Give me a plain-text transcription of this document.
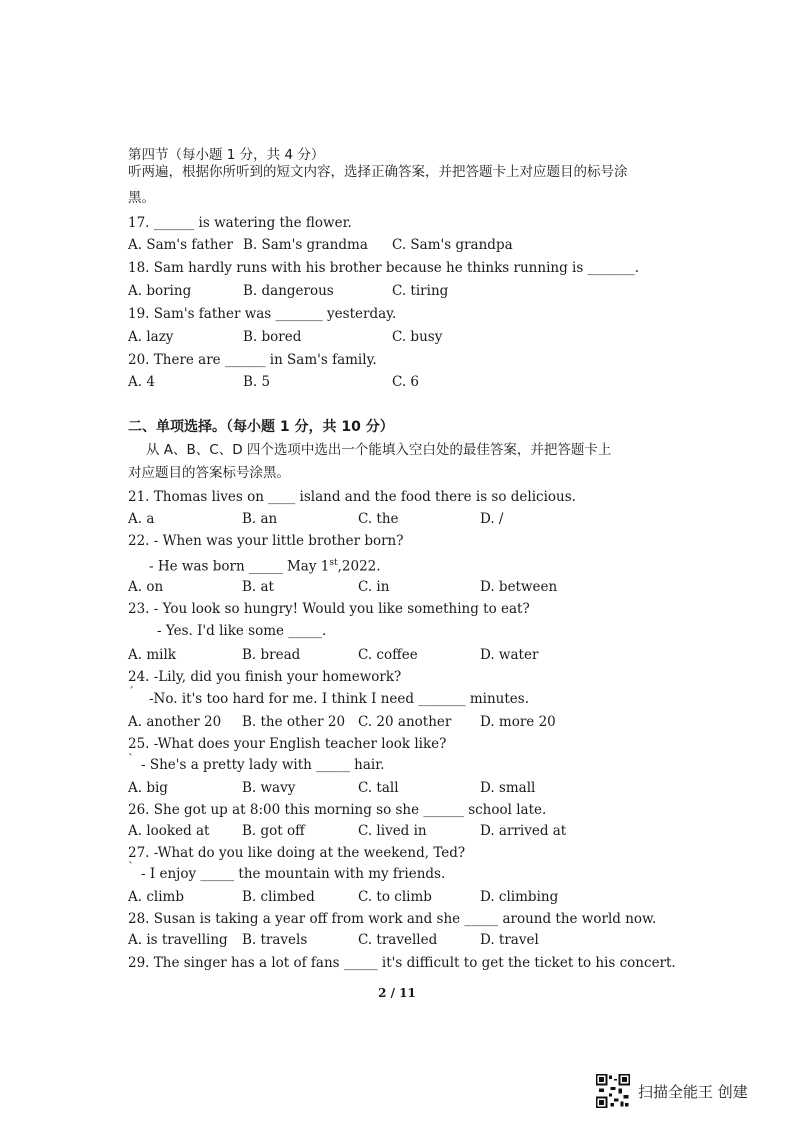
第四节（每小题 1 分，共 4 分）
听两遍，根据你所听到的短文内容，选择正确答案，并把答题卡上对应题目的标号涂
黑。
17. ______ is watering the flower.
A. Sam's father B. Sam's grandma C. Sam's grandpa
18. Sam hardly runs with his brother because he thinks running is _______.
A. boring	B. dangerous	C. tiring
19. Sam's father was _______ yesterday.
A. lazy	B. bored	C. busy
20. There are ______ in Sam's family.
A. 4	B. 5	C. 6
二、单项选择。（每小题 1 分，共 10 分）
从 A、B、C、D 四个选项中选出一个能填入空白处的最佳答案，并把答题卡上
对应题目的答案标号涂黑。
21. Thomas lives on ____ island and the food there is so delicious.
A. a	B. an	C. the	D. /
22. - When was your little brother born?
- He was born _____ May 1st,2022.
A. on	B. at	C. in	D. between
23. - You look so hungry! Would you like something to eat?
- Yes. I'd like some _____.
A. milk	B. bread	C. coffee	D. water
24. -Lily, did you finish your homework?
ˊ -No. it's too hard for me. I think I need _______ minutes.
A. another 20 B. the other 20 C. 20 another D. more 20
25. -What does your English teacher look like?
ˋ - She's a pretty lady with _____ hair.
A. big	B. wavy	C. tall	D. small
26. She got up at 8:00 this morning so she ______ school late.
A. looked at B. got off	C. lived in	D. arrived at
27. -What do you like doing at the weekend, Ted?
ˋ - I enjoy _____ the mountain with my friends.
A. climb	B. climbed	C. to climb	D. climbing
28. Susan is taking a year off from work and she _____ around the world now.
A. is travelling B. travels	C. travelled	D. travel
29. The singer has a lot of fans _____ it's difficult to get the ticket to his concert.
2 / 11
扫描全能王 创建
